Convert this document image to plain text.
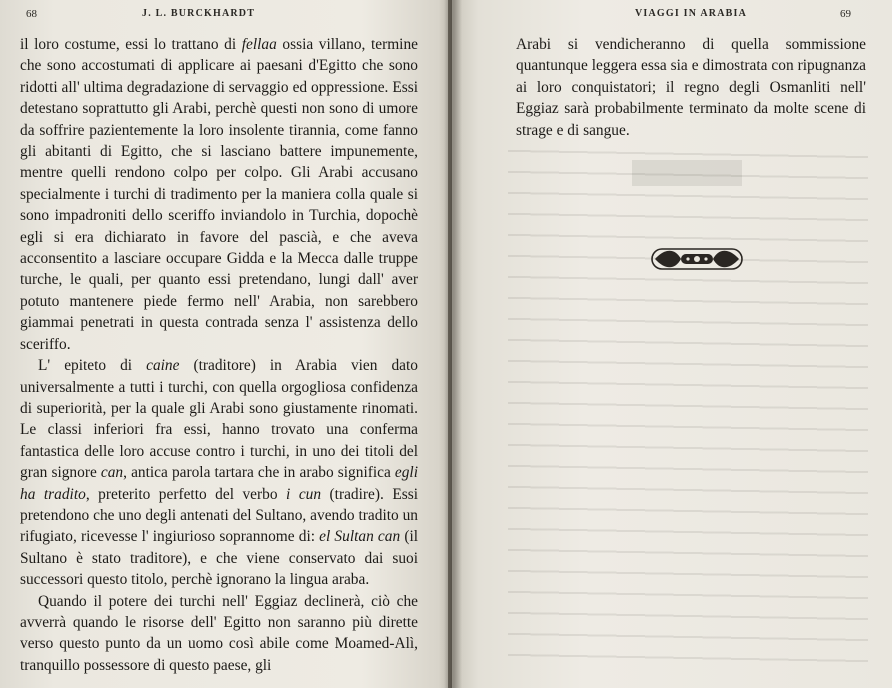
68	J. L. BURCKHARDT

il loro costume, essi lo trattano di fellaa ossia villano, termine che sono accostumati di applicare ai paesani d'Egitto che sono ridotti all' ultima degradazione di servaggio ed oppressione. Essi detestano soprattutto gli Arabi, perchè questi non sono di umore da soffrire pazientemente la loro insolente tirannia, come fanno gli abitanti di Egitto, che si lasciano battere impunemente, mentre quelli rendono colpo per colpo. Gli Arabi accusano specialmente i turchi di tradimento per la maniera colla quale si sono impadroniti dello sceriffo inviandolo in Turchia, dopochè egli si era dichiarato in favore del pascià, e che aveva acconsentito a lasciare occupare Gidda e la Mecca dalle truppe turche, le quali, per quanto essi pretendano, lungi dall' aver potuto mantenere piede fermo nell' Arabia, non sarebbero giammai penetrati in questa contrada senza l' assistenza dello sceriffo.

L' epiteto di caine (traditore) in Arabia vien dato universalmente a tutti i turchi, con quella orgogliosa confidenza di superiorità, per la quale gli Arabi sono giustamente rinomati. Le classi inferiori fra essi, hanno trovato una conferma fantastica delle loro accuse contro i turchi, in uno dei titoli del gran signore can, antica parola tartara che in arabo significa egli ha tradito, preterito perfetto del verbo i cun (tradire). Essi pretendono che uno degli antenati del Sultano, avendo tradito un rifugiato, ricevesse l' ingiurioso soprannome di: el Sultan can (il Sultano è stato traditore), e che viene conservato dai suoi successori questo titolo, perchè ignorano la lingua araba.

Quando il potere dei turchi nell' Eggiaz declinerà, ciò che avverrà quando le risorse dell' Egitto non saranno più dirette verso questo punto da un uomo così abile come Moamed-Alì, tranquillo possessore di questo paese, gli

VIAGGI IN ARABIA	69

Arabi si vendicheranno di quella sommissione quantunque leggera essa sia e dimostrata con ripugnanza ai loro conquistatori; il regno degli Osmanliti nell' Eggiaz sarà probabilmente terminato da molte scene di strage e di sangue.
